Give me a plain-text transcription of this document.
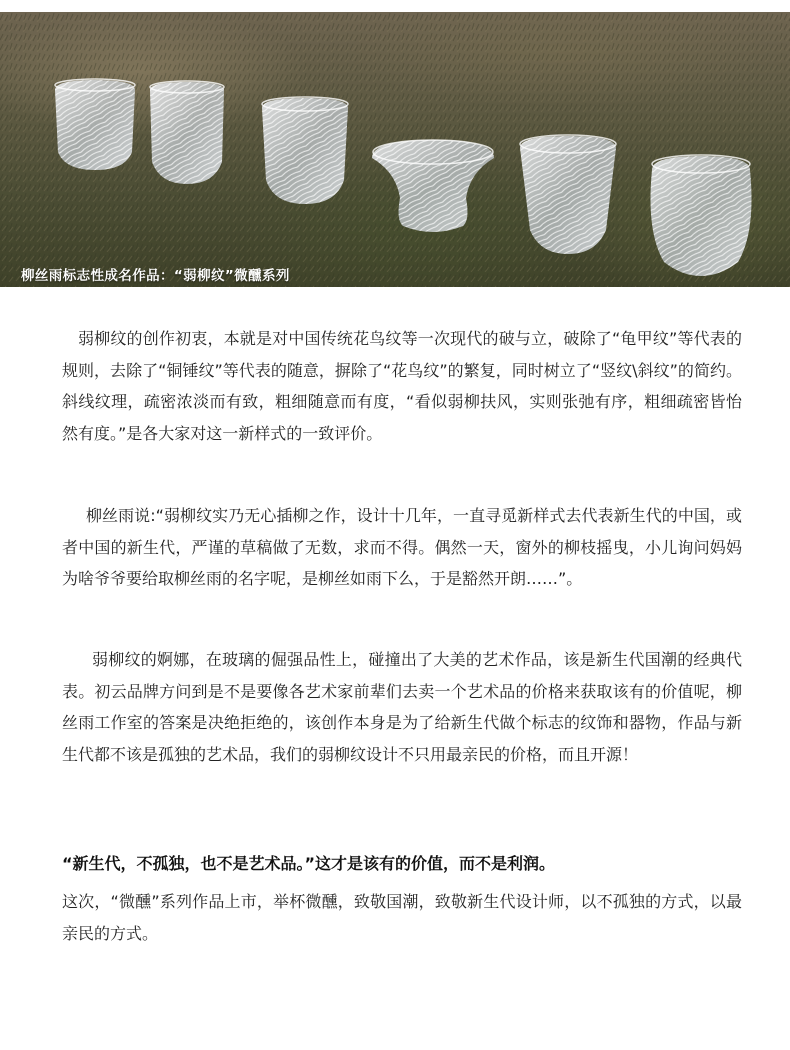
柳丝雨标志性成名作品：“弱柳纹”微醺系列

弱柳纹的创作初衷，本就是对中国传统花鸟纹等一次现代的破与立，破除了“龟甲纹”等代表的规则，去除了“铜锤纹”等代表的随意，摒除了“花鸟纹”的繁复，同时树立了“竖纹\斜纹”的简约。斜线纹理，疏密浓淡而有致，粗细随意而有度，“看似弱柳扶风，实则张弛有序，粗细疏密皆怡然有度。”是各大家对这一新样式的一致评价。

柳丝雨说:“弱柳纹实乃无心插柳之作，设计十几年，一直寻觅新样式去代表新生代的中国，或者中国的新生代，严谨的草稿做了无数，求而不得。偶然一天，窗外的柳枝摇曳，小儿询问妈妈为啥爷爷要给取柳丝雨的名字呢，是柳丝如雨下么，于是豁然开朗……”。

弱柳纹的婀娜，在玻璃的倔强品性上，碰撞出了大美的艺术作品，该是新生代国潮的经典代表。初云品牌方问到是不是要像各艺术家前辈们去卖一个艺术品的价格来获取该有的价值呢，柳丝雨工作室的答案是决绝拒绝的，该创作本身是为了给新生代做个标志的纹饰和器物，作品与新生代都不该是孤独的艺术品，我们的弱柳纹设计不只用最亲民的价格，而且开源！

“新生代，不孤独，也不是艺术品。”这才是该有的价值，而不是利润。

这次，“微醺”系列作品上市，举杯微醺，致敬国潮，致敬新生代设计师，以不孤独的方式，以最亲民的方式。
